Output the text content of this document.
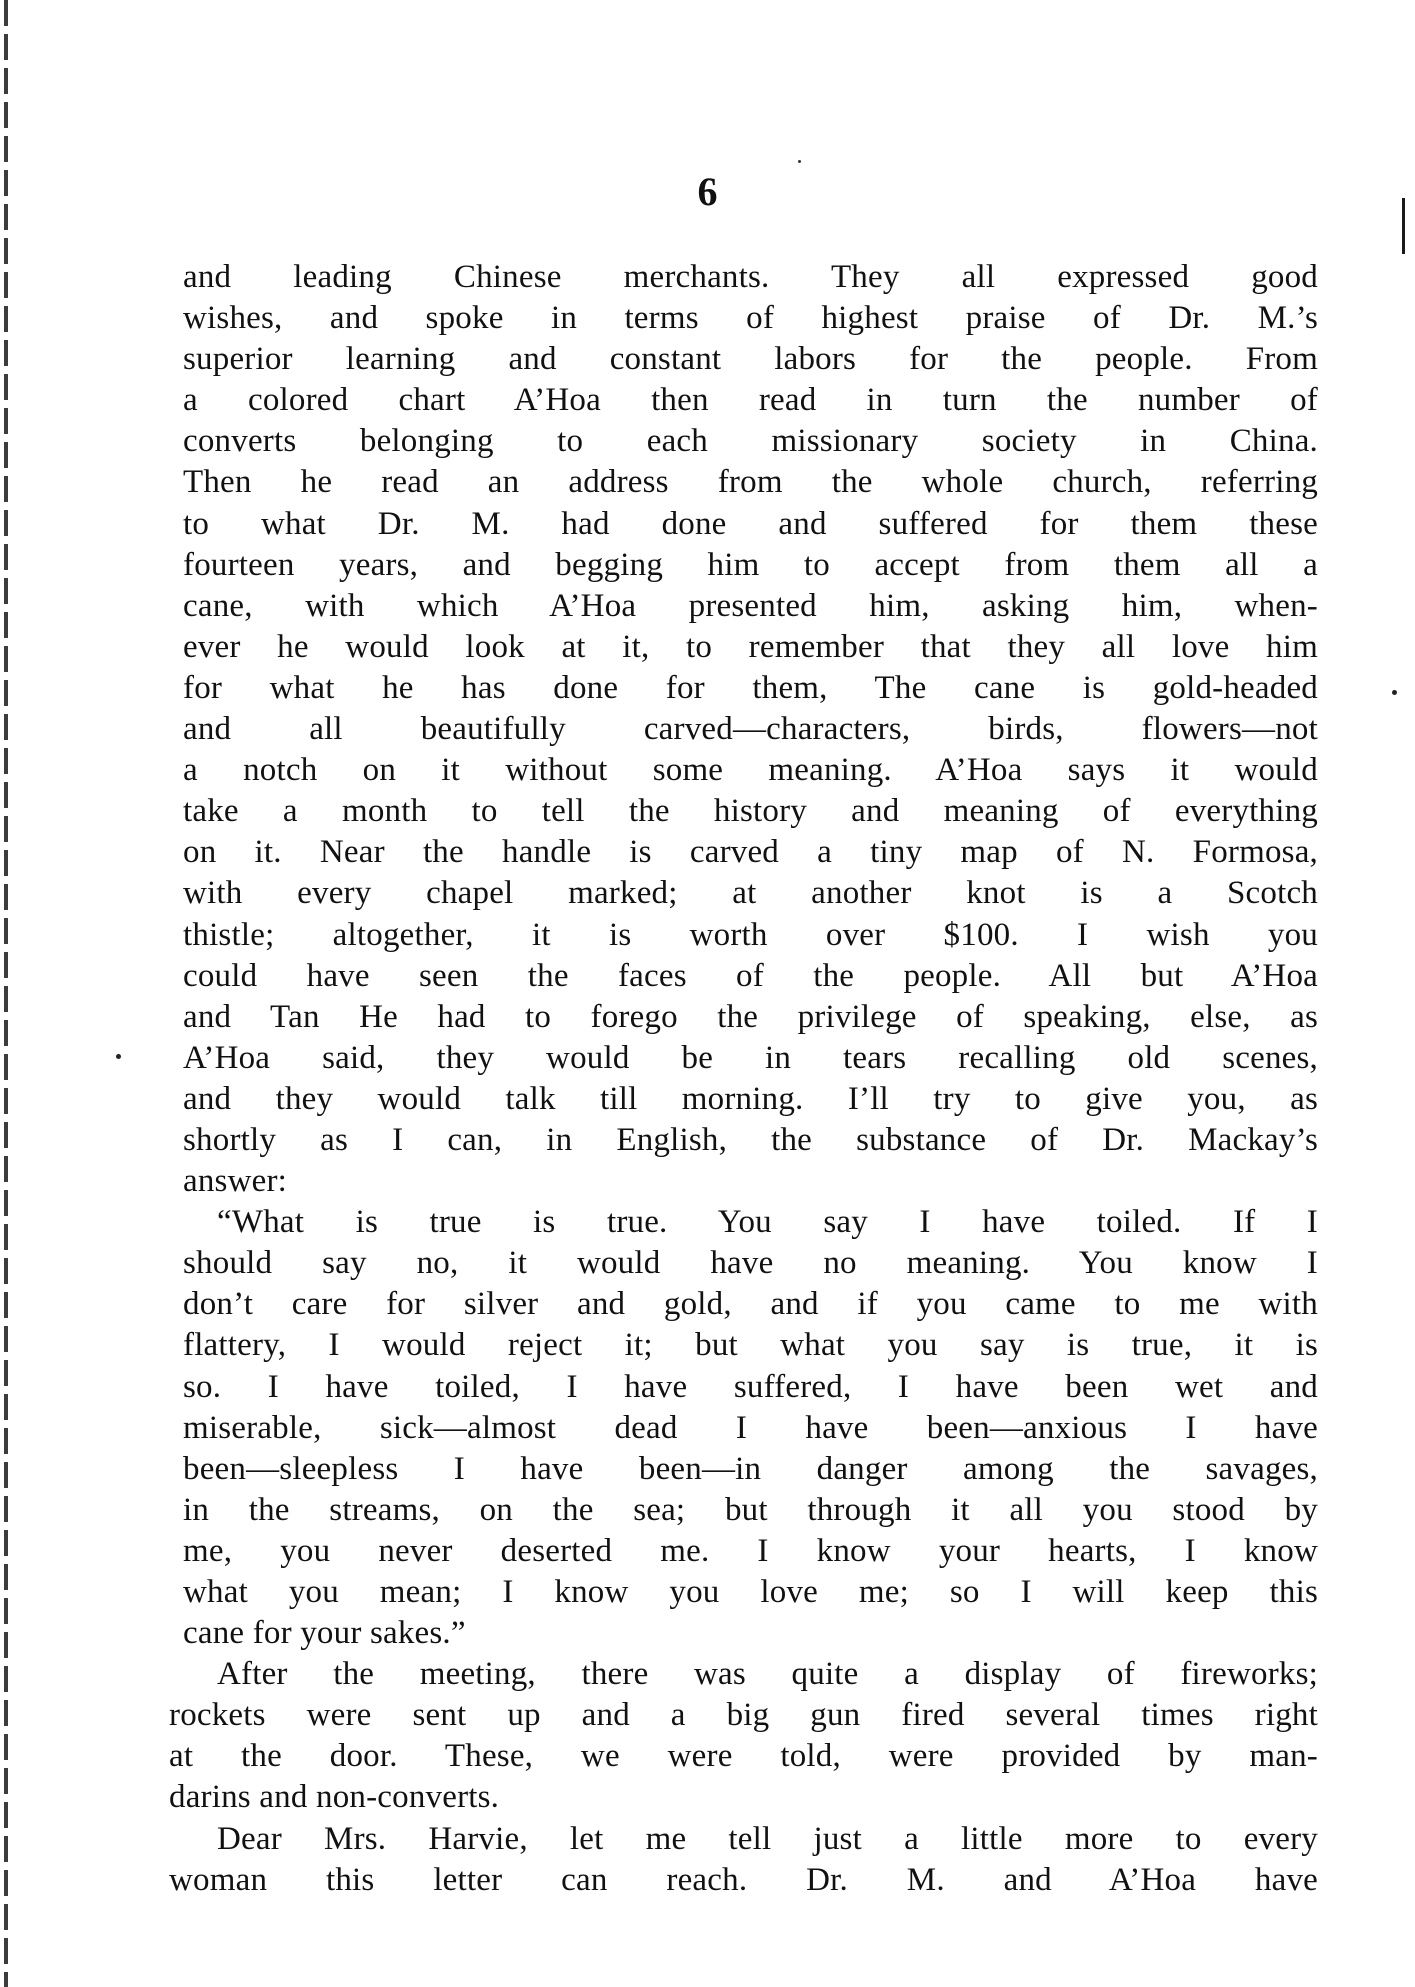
6
and leading Chinese merchants. They all expressed good
wishes, and spoke in terms of highest praise of Dr. M.’s
superior learning and constant labors for the people. From
a colored chart A’Hoa then read in turn the number of
converts belonging to each missionary society in China.
Then he read an address from the whole church, referring
to what Dr. M. had done and suffered for them these
fourteen years, and begging him to accept from them all a
cane, with which A’Hoa presented him, asking him, when-
ever he would look at it, to remember that they all love him
for what he has done for them, The cane is gold-headed
and all beautifully carved—characters, birds, flowers—not
a notch on it without some meaning. A’Hoa says it would
take a month to tell the history and meaning of everything
on it. Near the handle is carved a tiny map of N. Formosa,
with every chapel marked; at another knot is a Scotch
thistle; altogether, it is worth over $100. I wish you
could have seen the faces of the people. All but A’Hoa
and Tan He had to forego the privilege of speaking, else, as
A’Hoa said, they would be in tears recalling old scenes,
and they would talk till morning. I’ll try to give you, as
shortly as I can, in English, the substance of Dr. Mackay’s
answer:
“What is true is true. You say I have toiled. If I
should say no, it would have no meaning. You know I
don’t care for silver and gold, and if you came to me with
flattery, I would reject it; but what you say is true, it is
so. I have toiled, I have suffered, I have been wet and
miserable, sick—almost dead I have been—anxious I have
been—sleepless I have been—in danger among the savages,
in the streams, on the sea; but through it all you stood by
me, you never deserted me. I know your hearts, I know
what you mean; I know you love me; so I will keep this
cane for your sakes.”
After the meeting, there was quite a display of fireworks;
rockets were sent up and a big gun fired several times right
at the door. These, we were told, were provided by man-
darins and non-converts.
Dear Mrs. Harvie, let me tell just a little more to every
woman this letter can reach. Dr. M. and A’Hoa have
